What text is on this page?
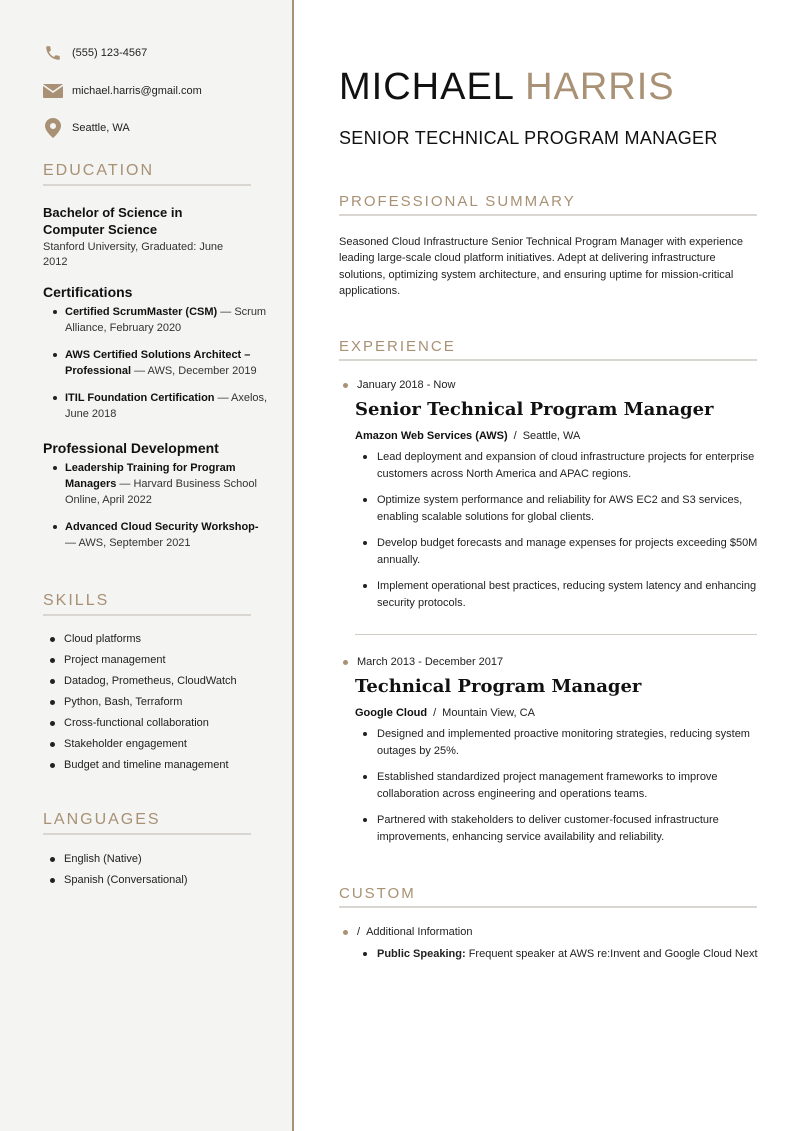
(555) 123-4567
michael.harris@gmail.com
Seattle, WA
EDUCATION
Bachelor of Science in Computer Science
Stanford University, Graduated: June 2012
Certifications
Certified ScrumMaster (CSM) — Scrum Alliance, February 2020
AWS Certified Solutions Architect – Professional — AWS, December 2019
ITIL Foundation Certification — Axelos, June 2018
Professional Development
Leadership Training for Program Managers — Harvard Business School Online, April 2022
Advanced Cloud Security Workshop- — AWS, September 2021
SKILLS
Cloud platforms
Project management
Datadog, Prometheus, CloudWatch
Python, Bash, Terraform
Cross-functional collaboration
Stakeholder engagement
Budget and timeline management
LANGUAGES
English (Native)
Spanish (Conversational)
MICHAEL HARRIS
SENIOR TECHNICAL PROGRAM MANAGER
PROFESSIONAL SUMMARY
Seasoned Cloud Infrastructure Senior Technical Program Manager with experience leading large-scale cloud platform initiatives. Adept at delivering infrastructure solutions, optimizing system architecture, and ensuring uptime for mission-critical applications.
EXPERIENCE
January 2018 - Now
Senior Technical Program Manager
Amazon Web Services (AWS) / Seattle, WA
Lead deployment and expansion of cloud infrastructure projects for enterprise customers across North America and APAC regions.
Optimize system performance and reliability for AWS EC2 and S3 services, enabling scalable solutions for global clients.
Develop budget forecasts and manage expenses for projects exceeding $50M annually.
Implement operational best practices, reducing system latency and enhancing security protocols.
March 2013 - December 2017
Technical Program Manager
Google Cloud / Mountain View, CA
Designed and implemented proactive monitoring strategies, reducing system outages by 25%.
Established standardized project management frameworks to improve collaboration across engineering and operations teams.
Partnered with stakeholders to deliver customer-focused infrastructure improvements, enhancing service availability and reliability.
CUSTOM
/ Additional Information
Public Speaking: Frequent speaker at AWS re:Invent and Google Cloud Next
